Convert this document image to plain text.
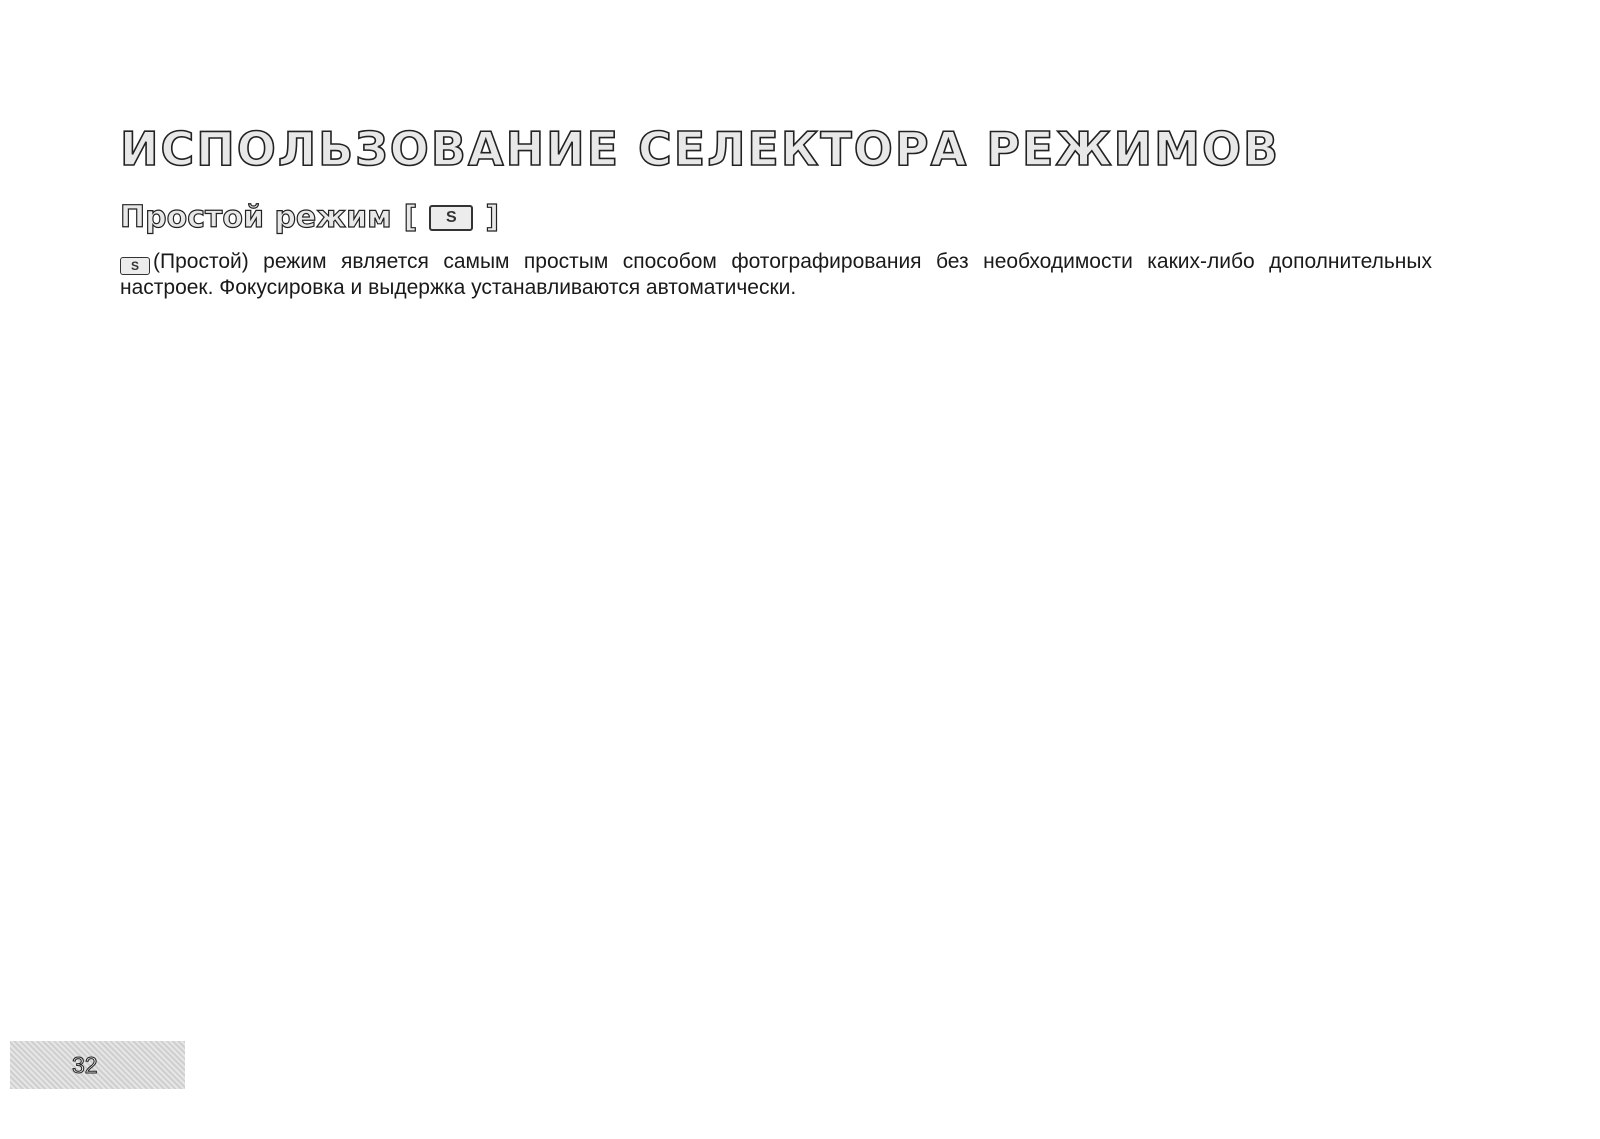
ИСПОЛЬЗОВАНИЕ СЕЛЕКТОРА РЕЖИМОВ
Простой режим [	S ]

S (Простой) режим является самым простым способом фотографирования без необходимости каких-либо дополнительных настроек. Фокусировка и выдержка устанавливаются автоматически.

32
